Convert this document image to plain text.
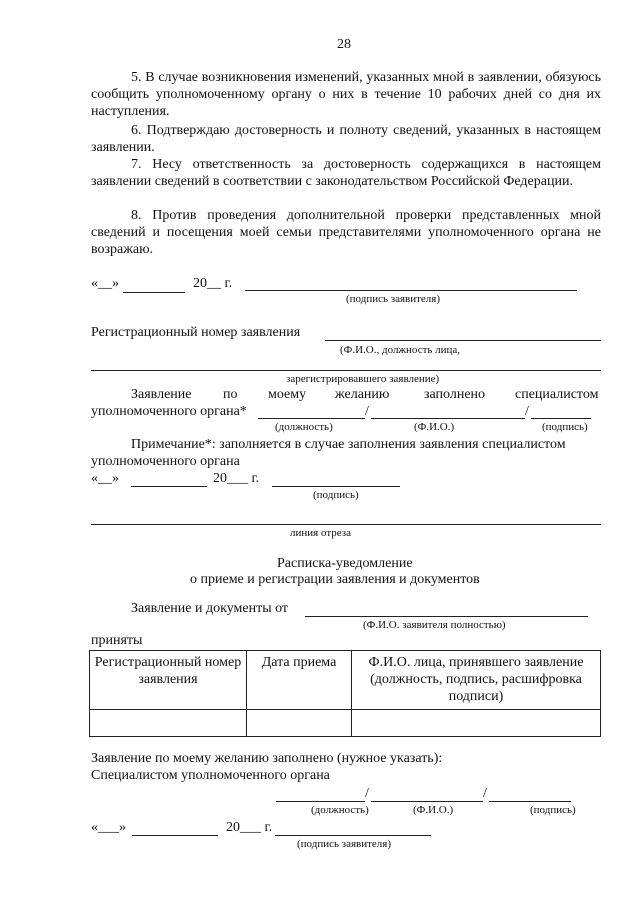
28
5. В случае возникновения изменений, указанных мной в заявлении, обязуюсь сообщить уполномоченному органу о них в течение 10 рабочих дней со дня их наступления.
6. Подтверждаю достоверность и полноту сведений, указанных в настоящем заявлении.
7. Несу ответственность за достоверность содержащихся в настоящем заявлении сведений в соответствии с законодательством Российской Федерации.
8. Против проведения дополнительной проверки представленных мной сведений и посещения моей семьи представителями уполномоченного органа не возражаю.
«__»	20__ г.
(подпись заявителя)
Регистрационный номер заявления
(Ф.И.О., должность лица,
зарегистрировавшего заявление)
Заявление по моему желанию заполнено специалистом
уполномоченного органа*	/	/
(должность)	(Ф.И.О.)	(подпись)
Примечание*: заполняется в случае заполнения заявления специалистом
уполномоченного органа
«__»	20___ г.
(подпись)
линия отреза
Расписка-уведомление
о приеме и регистрации заявления и документов
Заявление и документы от
(Ф.И.О. заявителя полностью)
приняты
Регистрационный номер заявления	Дата приема	Ф.И.О. лица, принявшего заявление (должность, подпись, расшифровка подписи)

Заявление по моему желанию заполнено (нужное указать):
Специалистом уполномоченного органа
/	/
(должность)	(Ф.И.О.)	(подпись)
«___»	20___ г.
(подпись заявителя)
